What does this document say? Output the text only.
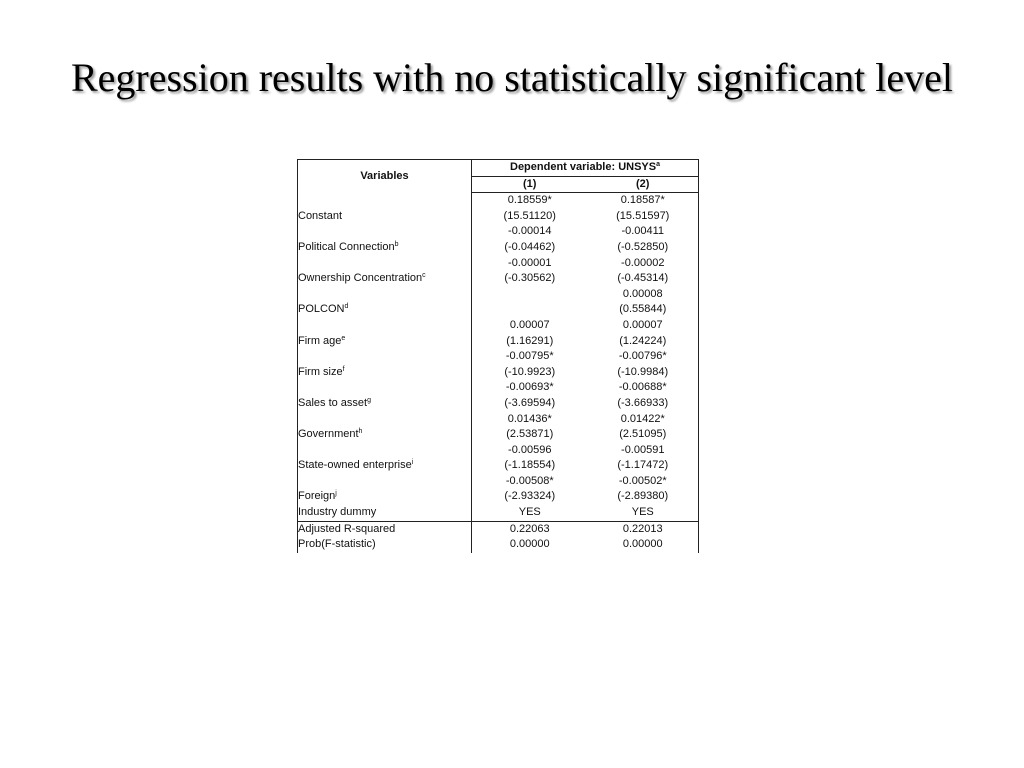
Regression results with no statistically significant level
Variables	Dependent variable: UNSYS$^a$
	(1)	(2)
Constant	0.18559*	0.18587*
	(15.51120)	(15.51597)
Political Connection$^b$	-0.00014	-0.00411
	(-0.04462)	(-0.52850)
Ownership Concentration$^c$	-0.00001	-0.00002
	(-0.30562)	(-0.45314)
POLCON$^d$		0.00008
		(0.55844)
Firm age$^e$	0.00007	0.00007
	(1.16291)	(1.24224)
Firm size$^f$	-0.00795*	-0.00796*
	(-10.9923)	(-10.9984)
Sales to asset$^g$	-0.00693*	-0.00688*
	(-3.69594)	(-3.66933)
Government$^h$	0.01436*	0.01422*
	(2.53871)	(2.51095)
State-owned enterprise$^i$	-0.00596	-0.00591
	(-1.18554)	(-1.17472)
Foreign$^j$	-0.00508*	-0.00502*
	(-2.93324)	(-2.89380)
Industry dummy	YES	YES
Adjusted R-squared	0.22063	0.22013
Prob(F-statistic)	0.00000	0.00000
